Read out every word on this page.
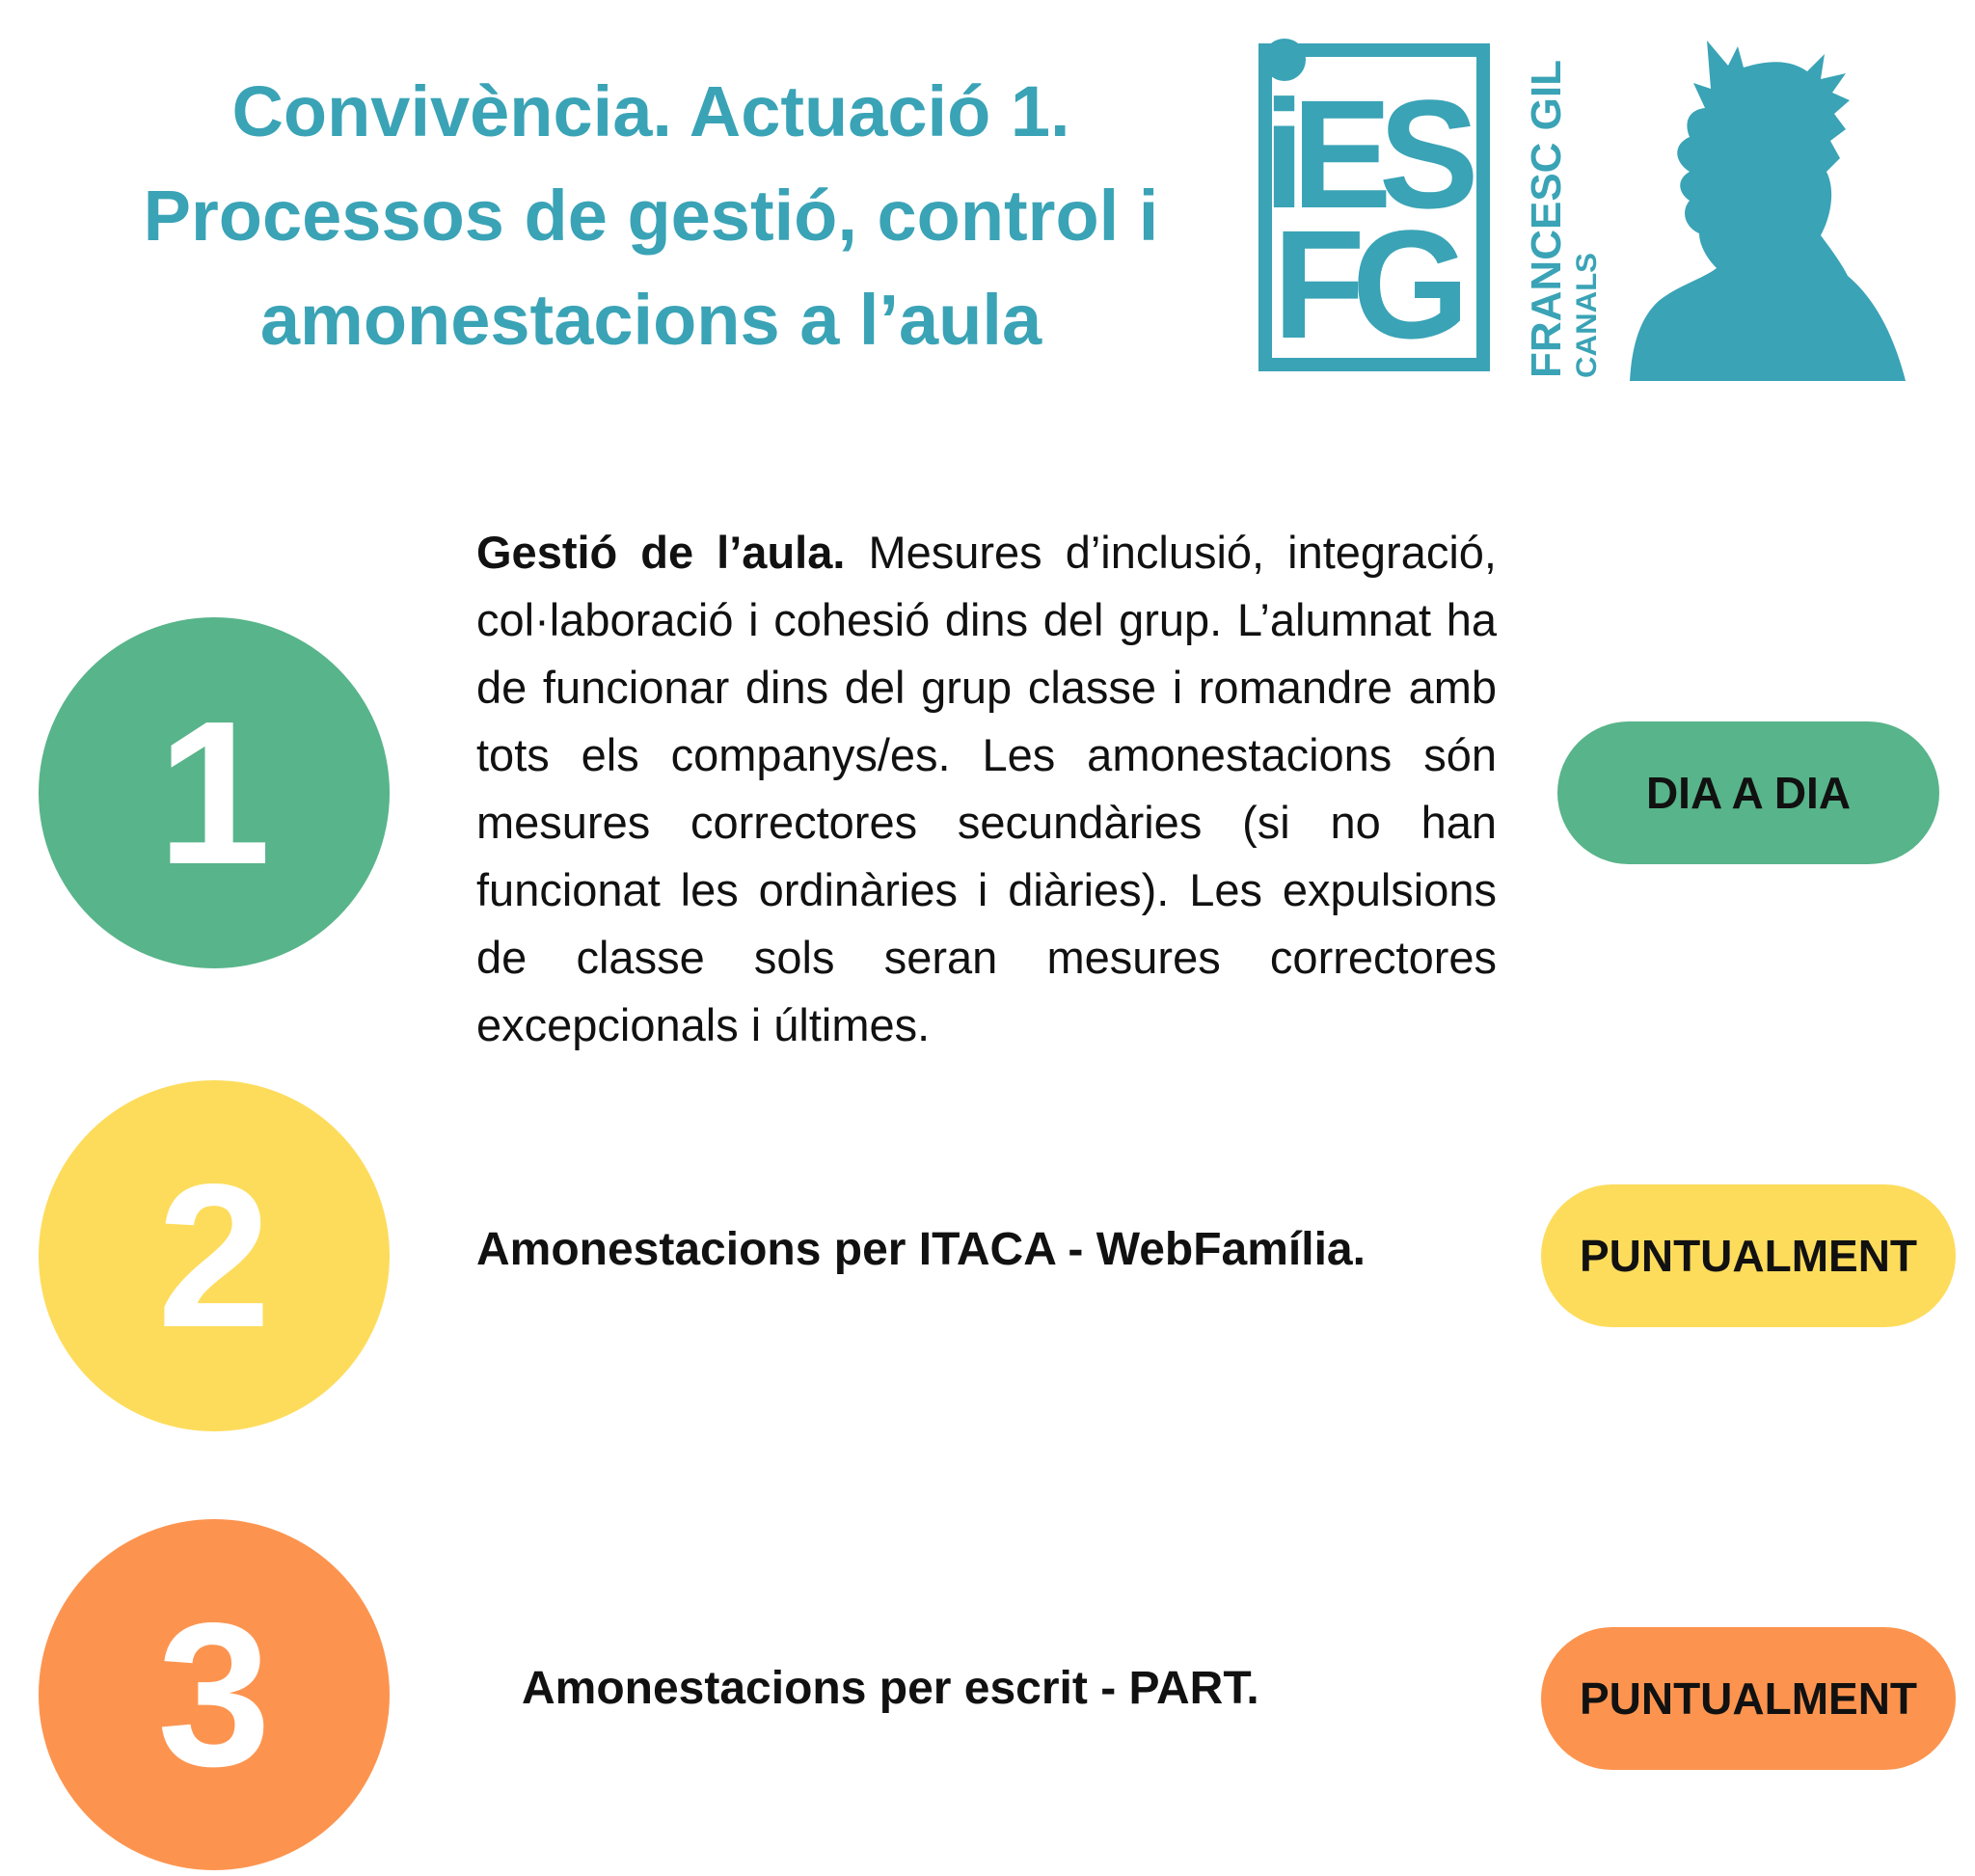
Convivència. Actuació 1.
Processos de gestió, control i
amonestacions a l’aula
iES
FG FRANCESC GIL CANALS
1
2
3
Gestió de l’aula. Mesures d’inclusió, integració, col·laboració i cohesió dins del grup. L’alumnat ha de funcionar dins del grup classe i romandre amb tots els companys/es. Les amonestacions són mesures correctores secundàries (si no han funcionat les ordinàries i diàries). Les expulsions de classe sols seran mesures correctores excepcionals i últimes.
Amonestacions per ITACA - WebFamília.
Amonestacions per escrit - PART.
DIA A DIA
PUNTUALMENT
PUNTUALMENT
